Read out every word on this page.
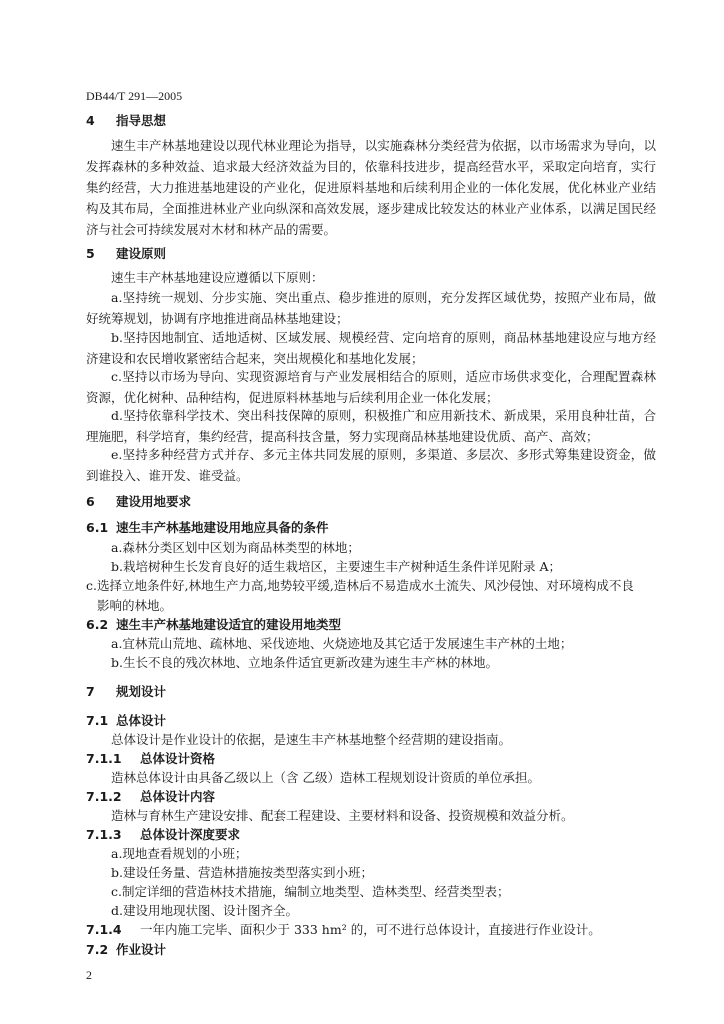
DB44/T 291—2005
4 指导思想

速生丰产林基地建设以现代林业理论为指导，以实施森林分类经营为依据，以市场需求为导向，以发挥森林的多种效益、追求最大经济效益为目的，依靠科技进步，提高经营水平，采取定向培育，实行集约经营，大力推进基地建设的产业化，促进原料基地和后续利用企业的一体化发展，优化林业产业结构及其布局，全面推进林业产业向纵深和高效发展，逐步建成比较发达的林业产业体系，以满足国民经济与社会可持续发展对木材和林产品的需要。

5 建设原则
速生丰产林基地建设应遵循以下原则：

a.坚持统一规划、分步实施、突出重点、稳步推进的原则，充分发挥区域优势，按照产业布局，做好统筹规划，协调有序地推进商品林基地建设；

b.坚持因地制宜、适地适树、区域发展、规模经营、定向培育的原则，商品林基地建设应与地方经济建设和农民增收紧密结合起来，突出规模化和基地化发展；

c.坚持以市场为导向、实现资源培育与产业发展相结合的原则，适应市场供求变化，合理配置森林资源，优化树种、品种结构，促进原料林基地与后续利用企业一体化发展；

d.坚持依靠科学技术、突出科技保障的原则，积极推广和应用新技术、新成果，采用良种壮苗，合理施肥，科学培育，集约经营，提高科技含量，努力实现商品林基地建设优质、高产、高效；

e.坚持多种经营方式并存、多元主体共同发展的原则，多渠道、多层次、多形式筹集建设资金，做到谁投入、谁开发、谁受益。

6 建设用地要求
6.1 速生丰产林基地建设用地应具备的条件
a.森林分类区划中区划为商品林类型的林地；
b.栽培树种生长发育良好的适生栽培区，主要速生丰产树种适生条件详见附录 A；
c.选择立地条件好,林地生产力高,地势较平缓,造林后不易造成水土流失、风沙侵蚀、对环境构成不良
影响的林地。
6.2 速生丰产林基地建设适宜的建设用地类型
a.宜林荒山荒地、疏林地、采伐迹地、火烧迹地及其它适于发展速生丰产林的土地；
b.生长不良的残次林地、立地条件适宜更新改建为速生丰产林的林地。
7 规划设计
7.1 总体设计
总体设计是作业设计的依据，是速生丰产林基地整个经营期的建设指南。
7.1.1 总体设计资格
造林总体设计由具备乙级以上（含 乙级）造林工程规划设计资质的单位承担。
7.1.2 总体设计内容
造林与育林生产建设安排、配套工程建设、主要材料和设备、投资规模和效益分析。
7.1.3 总体设计深度要求
a.现地查看规划的小班；
b.建设任务量、营造林措施按类型落实到小班；
c.制定详细的营造林技术措施，编制立地类型、造林类型、经营类型表；
d.建设用地现状图、设计图齐全。
7.1.4 一年内施工完毕、面积少于 333 hm² 的，可不进行总体设计，直接进行作业设计。
7.2 作业设计
2
